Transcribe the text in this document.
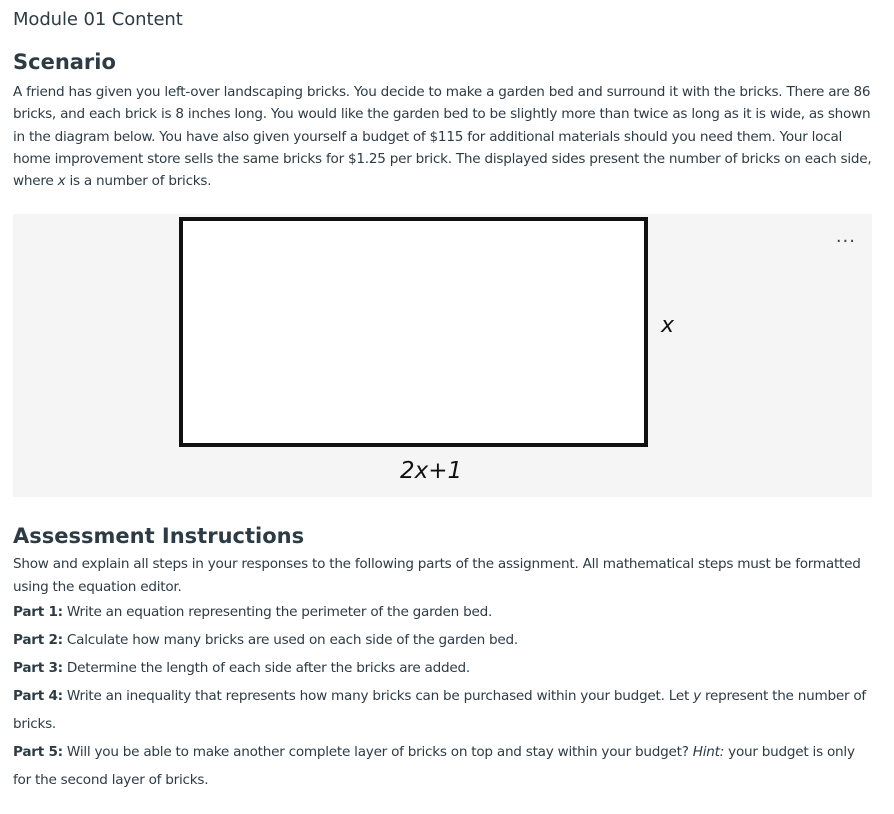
Module 01 Content
Scenario

A friend has given you left-over landscaping bricks. You decide to make a garden bed and surround it with the bricks. There are 86 bricks, and each brick is 8 inches long. You would like the garden bed to be slightly more than twice as long as it is wide, as shown in the diagram below. You have also given yourself a budget of $115 for additional materials should you need them. Your local home improvement store sells the same bricks for $1.25 per brick. The displayed sides present the number of bricks on each side, where x is a number of bricks.

...
x
2x+1
Assessment Instructions

Show and explain all steps in your responses to the following parts of the assignment. All mathematical steps must be formatted using the equation editor.

Part 1: Write an equation representing the perimeter of the garden bed.

Part 2: Calculate how many bricks are used on each side of the garden bed.

Part 3: Determine the length of each side after the bricks are added.

Part 4: Write an inequality that represents how many bricks can be purchased within your budget. Let y represent the number of bricks.

Part 5: Will you be able to make another complete layer of bricks on top and stay within your budget? Hint: your budget is only for the second layer of bricks.
